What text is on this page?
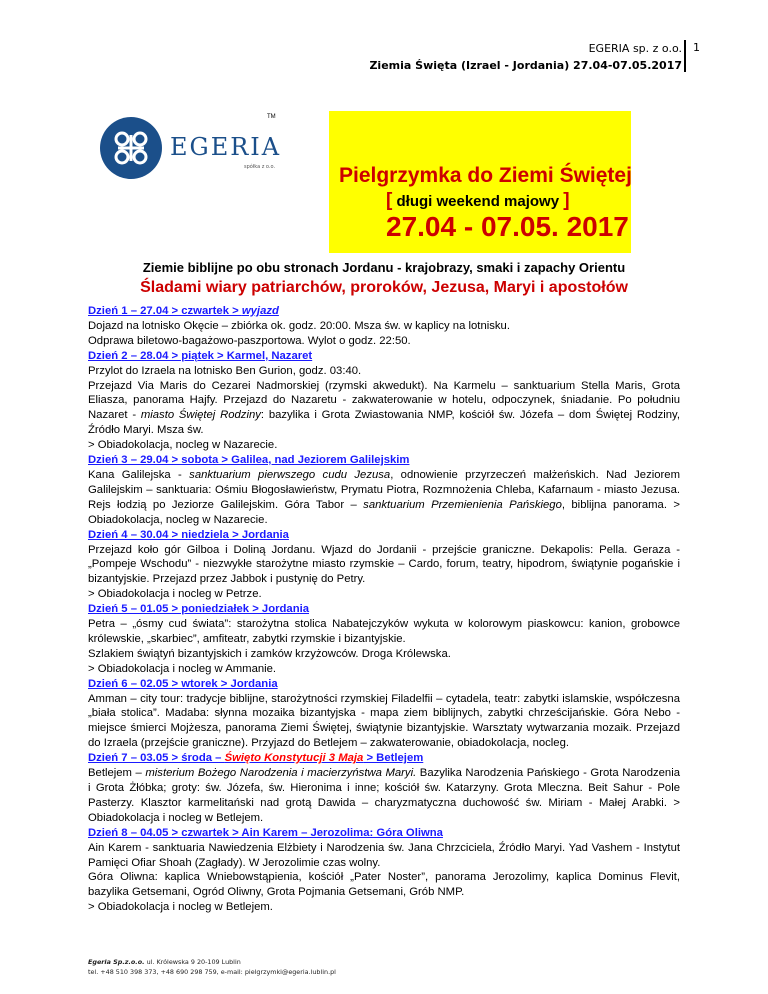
EGERIA sp. z o.o.
Ziemia Święta (Izrael - Jordania) 27.04-07.05.2017
1
EGERIA
spółka z o.o.
TM
Pielgrzymka do Ziemi Świętej
[ długi weekend majowy ]
27.04 - 07.05. 2017
Ziemie biblijne po obu stronach Jordanu - krajobrazy, smaki i zapachy Orientu
Śladami wiary patriarchów, proroków, Jezusa, Maryi i apostołów
Dzień 1 – 27.04 > czwartek > wyjazd

Dojazd na lotnisko Okęcie – zbiórka ok. godz. 20:00. Msza św. w kaplicy na lotnisku.

Odprawa biletowo-bagażowo-paszportowa. Wylot o godz. 22:50.

Dzień 2 – 28.04 > piątek > Karmel, Nazaret

Przylot do Izraela na lotnisko Ben Gurion, godz. 03:40.

Przejazd Via Maris do Cezarei Nadmorskiej (rzymski akwedukt). Na Karmelu – sanktuarium Stella Maris, Grota Eliasza, panorama Hajfy. Przejazd do Nazaretu - zakwaterowanie w hotelu, odpoczynek, śniadanie. Po południu Nazaret - miasto Świętej Rodziny: bazylika i Grota Zwiastowania NMP, kościół św. Józefa – dom Świętej Rodziny, Źródło Maryi. Msza św.

> Obiadokolacja, nocleg w Nazarecie.

Dzień 3 – 29.04 > sobota > Galilea, nad Jeziorem Galilejskim

Kana Galilejska - sanktuarium pierwszego cudu Jezusa, odnowienie przyrzeczeń małżeńskich. Nad Jeziorem Galilejskim – sanktuaria: Ośmiu Błogosławieństw, Prymatu Piotra, Rozmnożenia Chleba, Kafarnaum - miasto Jezusa. Rejs łodzią po Jeziorze Galilejskim. Góra Tabor – sanktuarium Przemienienia Pańskiego, biblijna panorama. > Obiadokolacja, nocleg w Nazarecie.

Dzień 4 – 30.04 > niedziela > Jordania

Przejazd koło gór Gilboa i Doliną Jordanu. Wjazd do Jordanii - przejście graniczne. Dekapolis: Pella. Geraza - „Pompeje Wschodu” - niezwykłe starożytne miasto rzymskie – Cardo, forum, teatry, hipodrom, świątynie pogańskie i bizantyjskie. Przejazd przez Jabbok i pustynię do Petry.

> Obiadokolacja i nocleg w Petrze.

Dzień 5 – 01.05 > poniedziałek > Jordania

Petra – „ósmy cud świata”: starożytna stolica Nabatejczyków wykuta w kolorowym piaskowcu: kanion, grobowce królewskie, „skarbiec”, amfiteatr, zabytki rzymskie i bizantyjskie.

Szlakiem świątyń bizantyjskich i zamków krzyżowców. Droga Królewska.

> Obiadokolacja i nocleg w Ammanie.

Dzień 6 – 02.05 > wtorek > Jordania

Amman – city tour: tradycje biblijne, starożytności rzymskiej Filadelfii – cytadela, teatr: zabytki islamskie, współczesna „biała stolica”. Madaba: słynna mozaika bizantyjska - mapa ziem biblijnych, zabytki chrześcijańskie. Góra Nebo - miejsce śmierci Mojżesza, panorama Ziemi Świętej, świątynie bizantyjskie. Warsztaty wytwarzania mozaik. Przejazd do Izraela (przejście graniczne). Przyjazd do Betlejem – zakwaterowanie, obiadokolacja, nocleg.

Dzień 7 – 03.05 > środa – Święto Konstytucji 3 Maja > Betlejem

Betlejem – misterium Bożego Narodzenia i macierzyństwa Maryi. Bazylika Narodzenia Pańskiego - Grota Narodzenia i Grota Żłóbka; groty: św. Józefa, św. Hieronima i inne; kościół św. Katarzyny. Grota Mleczna. Beit Sahur - Pole Pasterzy. Klasztor karmelitański nad grotą Dawida – charyzmatyczna duchowość św. Miriam - Małej Arabki. > Obiadokolacja i nocleg w Betlejem.

Dzień 8 – 04.05 > czwartek > Ain Karem – Jerozolima: Góra Oliwna

Ain Karem - sanktuaria Nawiedzenia Elżbiety i Narodzenia św. Jana Chrzciciela, Źródło Maryi. Yad Vashem - Instytut Pamięci Ofiar Shoah (Zagłady). W Jerozolimie czas wolny.

Góra Oliwna: kaplica Wniebowstąpienia, kościół „Pater Noster”, panorama Jerozolimy, kaplica Dominus Flevit, bazylika Getsemani, Ogród Oliwny, Grota Pojmania Getsemani, Grób NMP.

> Obiadokolacja i nocleg w Betlejem.

Egeria Sp.z.o.o. ul. Królewska 9 20-109 Lublin
tel. +48 510 398 373, +48 690 298 759, e-mail: pielgrzymki@egeria.lublin.pl
